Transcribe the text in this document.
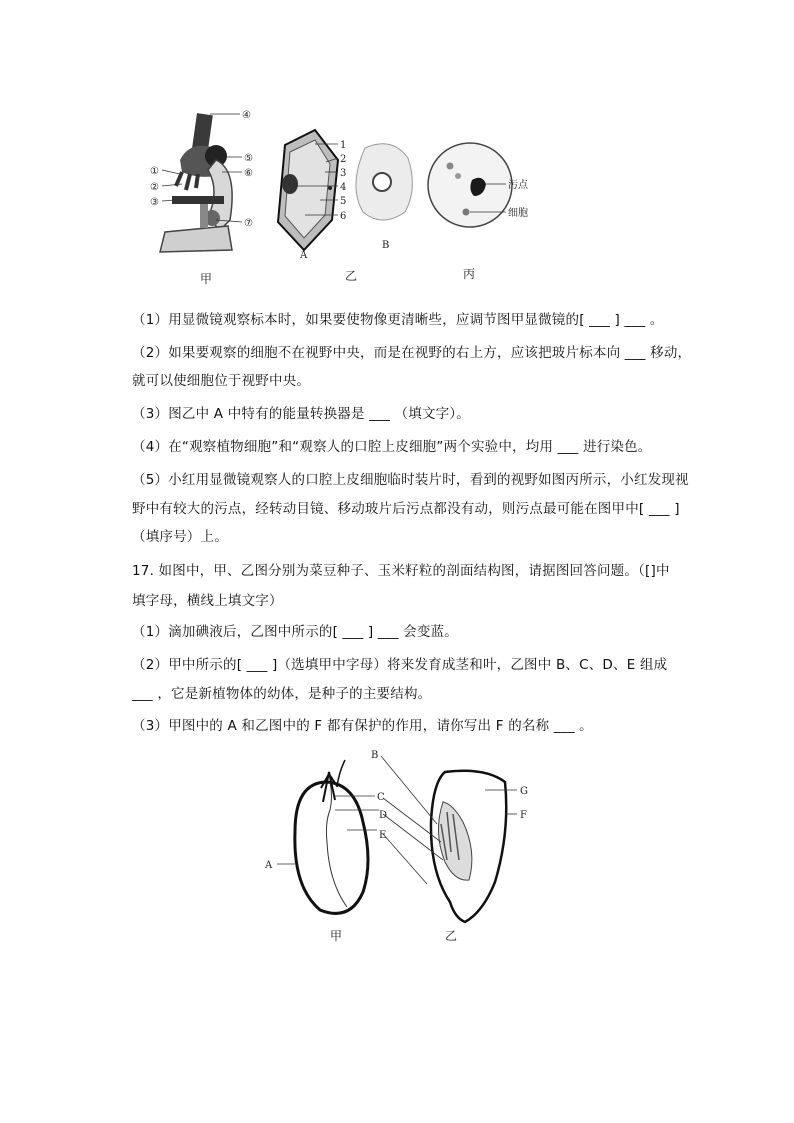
④
⑤
⑥
①
②
③
⑦
甲
1
2
3
4
5
6
A
B
乙
污点
细胞
丙
（1）用显微镜观察标本时，如果要使物像更清晰些，应调节图甲显微镜的[ ___ ] ___ 。
（2）如果要观察的细胞不在视野中央，而是在视野的右上方，应该把玻片标本向 ___ 移动，
就可以使细胞位于视野中央。
（3）图乙中 A 中特有的能量转换器是 ___ （填文字）。
（4）在“观察植物细胞”和“观察人的口腔上皮细胞”两个实验中，均用 ___ 进行染色。
（5）小红用显微镜观察人的口腔上皮细胞临时装片时，看到的视野如图丙所示，小红发现视
野中有较大的污点，经转动目镜、移动玻片后污点都没有动，则污点最可能在图甲中[ ___ ]
（填序号）上。
17. 如图中，甲、乙图分别为菜豆种子、玉米籽粒的剖面结构图，请据图回答问题。（[]中
填字母，横线上填文字）
（1）滴加碘液后，乙图中所示的[ ___ ] ___ 会变蓝。
（2）甲中所示的[ ___ ]（选填甲中字母）将来发育成茎和叶，乙图中 B、C、D、E 组成
___ ，它是新植物体的幼体，是种子的主要结构。
（3）甲图中的 A 和乙图中的 F 都有保护的作用，请你写出 F 的名称 ___ 。
B
C
D
E
A
G
F
甲	乙
